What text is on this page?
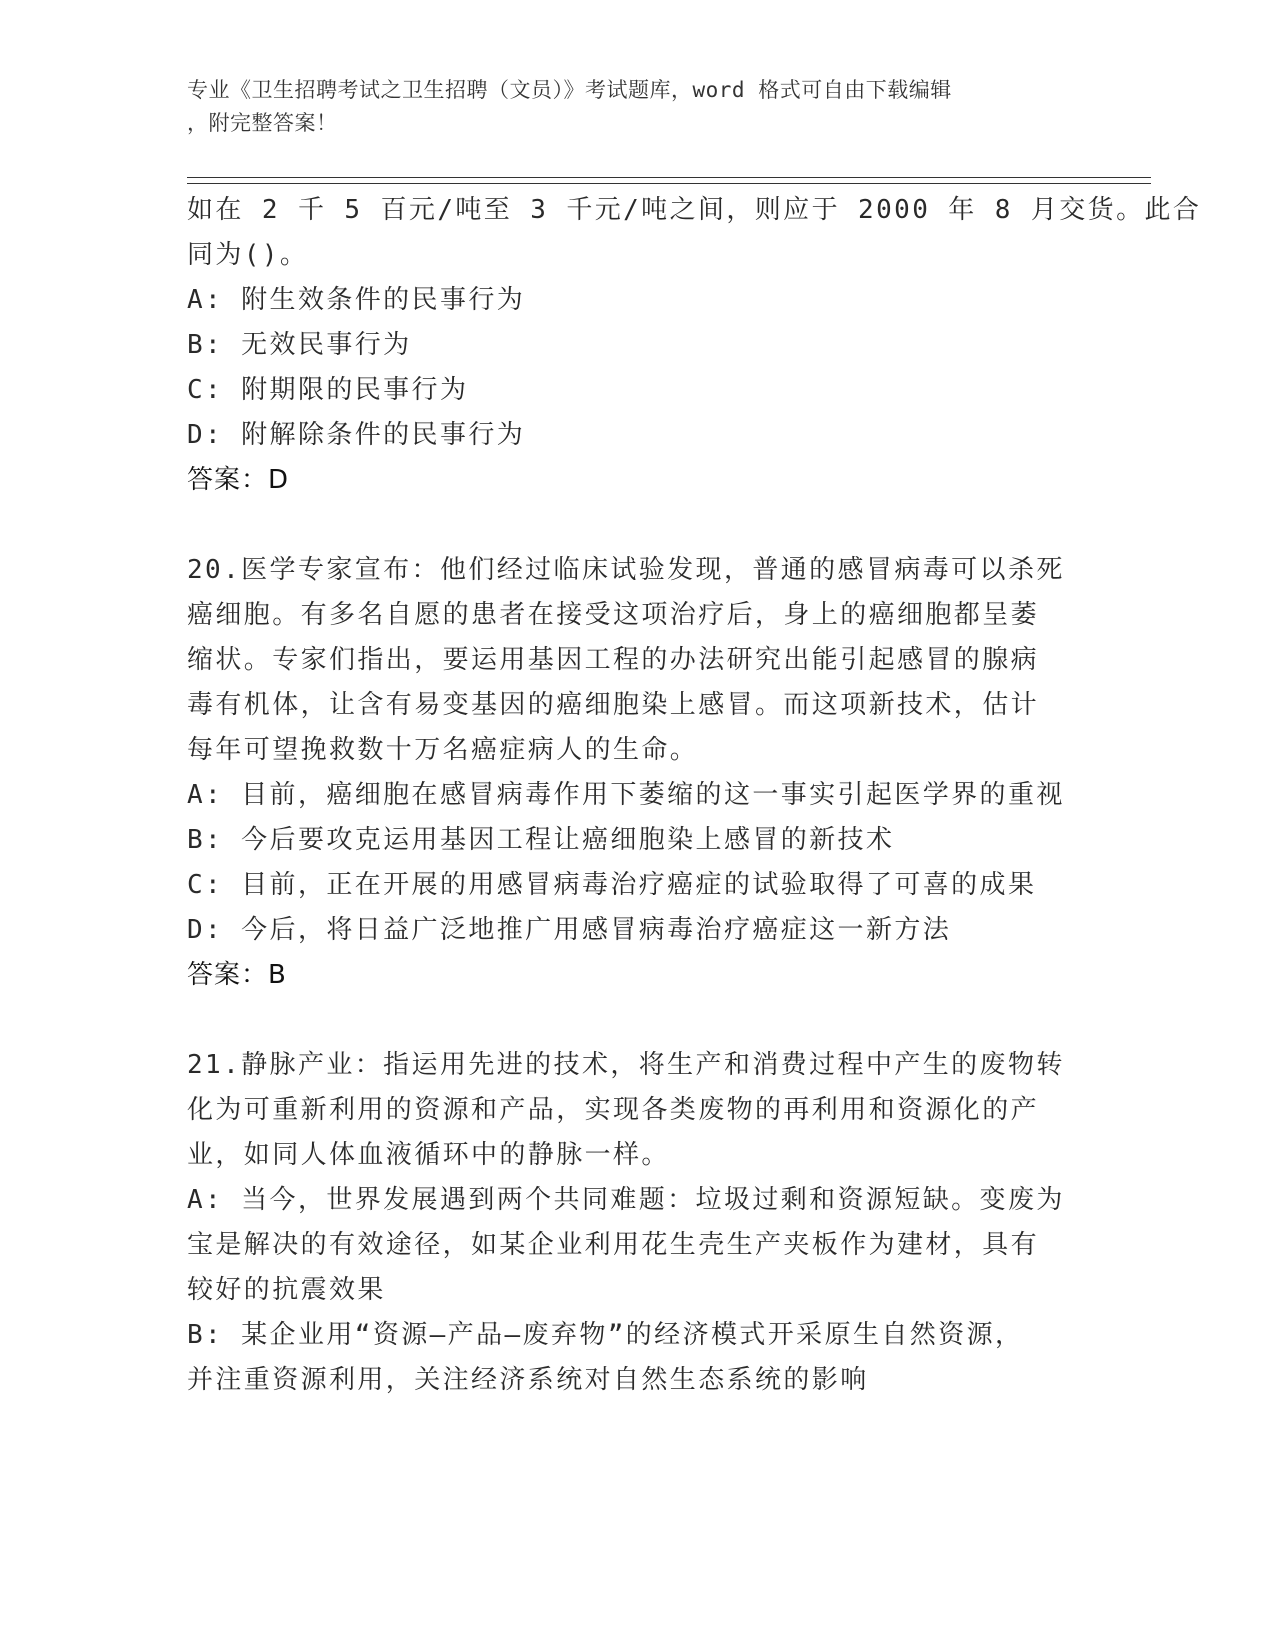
专业《卫生招聘考试之卫生招聘（文员）》考试题库，word 格式可自由下载编辑
，附完整答案！
如在 2 千 5 百元/吨至 3 千元/吨之间，则应于 2000 年 8 月交货。此合
同为()。
A: 附生效条件的民事行为
B: 无效民事行为
C: 附期限的民事行为
D: 附解除条件的民事行为
答案：D
20.医学专家宣布：他们经过临床试验发现，普通的感冒病毒可以杀死
癌细胞。有多名自愿的患者在接受这项治疗后，身上的癌细胞都呈萎
缩状。专家们指出，要运用基因工程的办法研究出能引起感冒的腺病
毒有机体，让含有易变基因的癌细胞染上感冒。而这项新技术，估计
每年可望挽救数十万名癌症病人的生命。
A: 目前，癌细胞在感冒病毒作用下萎缩的这一事实引起医学界的重视
B: 今后要攻克运用基因工程让癌细胞染上感冒的新技术
C: 目前，正在开展的用感冒病毒治疗癌症的试验取得了可喜的成果
D: 今后，将日益广泛地推广用感冒病毒治疗癌症这一新方法
答案：B
21.静脉产业：指运用先进的技术，将生产和消费过程中产生的废物转
化为可重新利用的资源和产品，实现各类废物的再利用和资源化的产
业，如同人体血液循环中的静脉一样。
A: 当今，世界发展遇到两个共同难题：垃圾过剩和资源短缺。变废为
宝是解决的有效途径，如某企业利用花生壳生产夹板作为建材，具有
较好的抗震效果
B: 某企业用“资源—产品—废弃物”的经济模式开采原生自然资源，
并注重资源利用，关注经济系统对自然生态系统的影响
